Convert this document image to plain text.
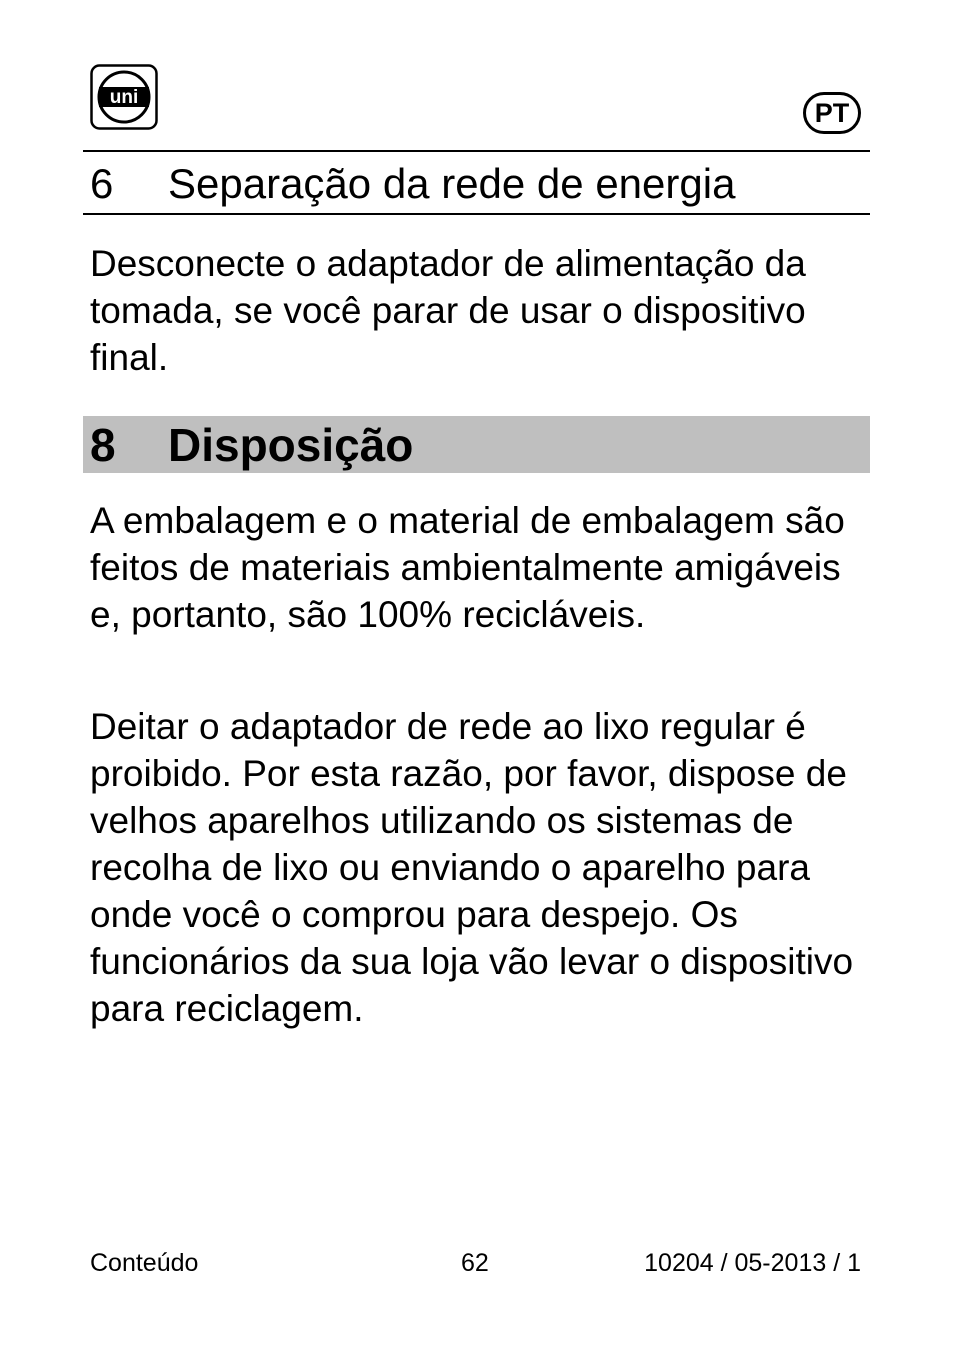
uni	PT
6 Separação da rede de energia

Desconecte o adaptador de alimentação da tomada, se você parar de usar o dispositivo final.

8 Disposição

A embalagem e o material de embalagem são feitos de materiais ambientalmente amigáveis e, portanto, são 100% recicláveis.

Deitar o adaptador de rede ao lixo regular é proibido. Por esta razão, por favor, dispose de velhos aparelhos utilizando os sistemas de recolha de lixo ou enviando o aparelho para onde você o comprou para despejo. Os funcionários da sua loja vão levar o dispositivo para reciclagem.

Conteúdo	62	10204 / 05-2013 / 1
